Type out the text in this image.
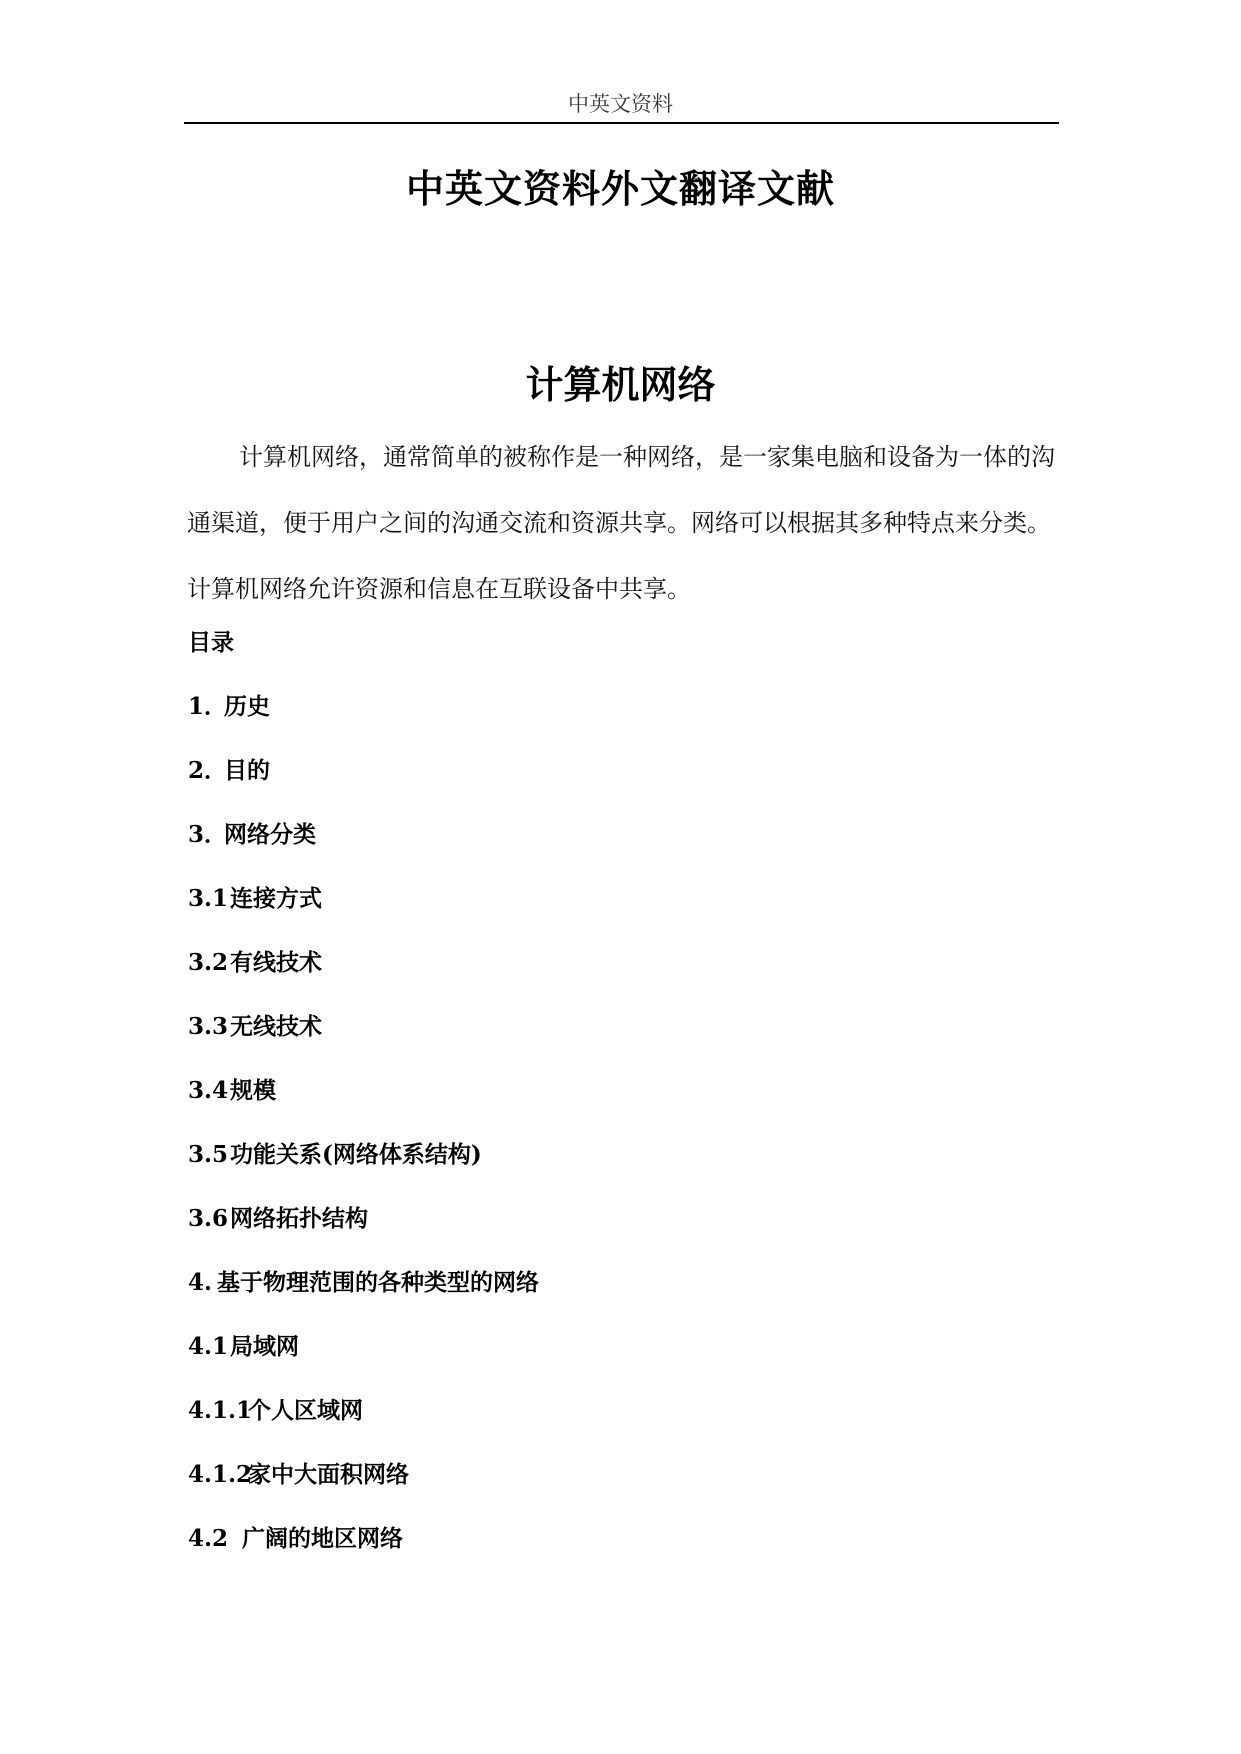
中英文资料
中英文资料外文翻译文献
计算机网络

计算机网络，通常简单的被称作是一种网络，是一家集电脑和设备为一体的沟通渠道，便于用户之间的沟通交流和资源共享。网络可以根据其多种特点来分类。计算机网络允许资源和信息在互联设备中共享。

目录
1．历史
2．目的
3．网络分类
3.1连接方式
3.2有线技术
3.3无线技术
3.4规模
3.5功能关系(网络体系结构)
3.6网络拓扑结构
4. 基于物理范围的各种类型的网络
4.1局域网
4.1.1个人区域网
4.1.2家中大面积网络
4.2 广阔的地区网络
